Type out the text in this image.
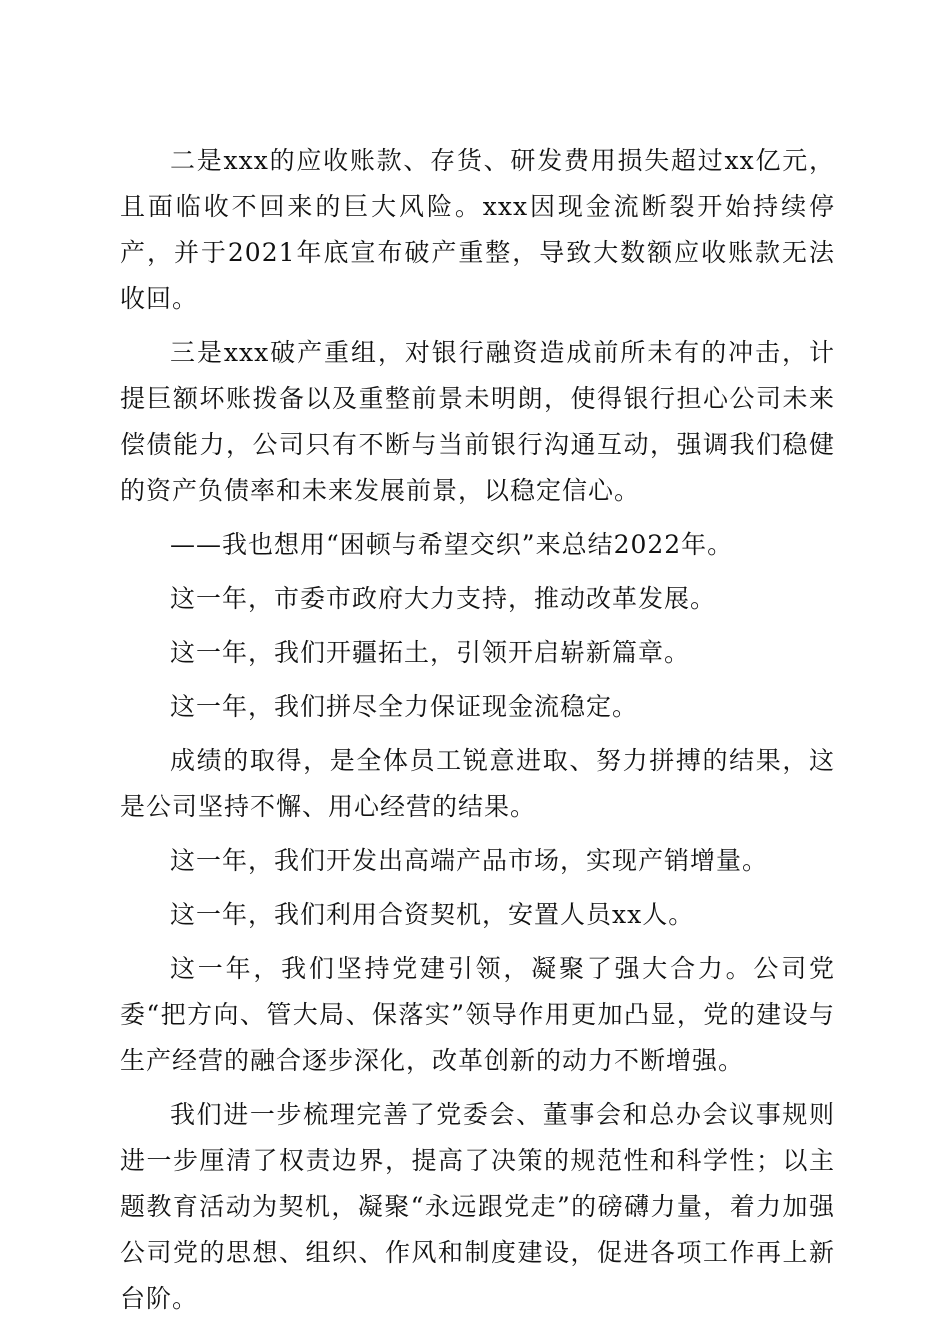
二是xxx的应收账款、存货、研发费用损失超过xx亿元，且面临收不回来的巨大风险。xxx因现金流断裂开始持续停产，并于2021年底宣布破产重整，导致大数额应收账款无法收回。

三是xxx破产重组，对银行融资造成前所未有的冲击，计提巨额坏账拨备以及重整前景未明朗，使得银行担心公司未来偿债能力，公司只有不断与当前银行沟通互动，强调我们稳健的资产负债率和未来发展前景，以稳定信心。

——我也想用“困顿与希望交织”来总结2022年。

这一年，市委市政府大力支持，推动改革发展。

这一年，我们开疆拓土，引领开启崭新篇章。

这一年，我们拼尽全力保证现金流稳定。

成绩的取得，是全体员工锐意进取、努力拼搏的结果，这是公司坚持不懈、用心经营的结果。

这一年，我们开发出高端产品市场，实现产销增量。

这一年，我们利用合资契机，安置人员xx人。

这一年，我们坚持党建引领，凝聚了强大合力。公司党委“把方向、管大局、保落实”领导作用更加凸显，党的建设与生产经营的融合逐步深化，改革创新的动力不断增强。

我们进一步梳理完善了党委会、董事会和总办会议事规则进一步厘清了权责边界，提高了决策的规范性和科学性；以主题教育活动为契机，凝聚“永远跟党走”的磅礴力量，着力加强公司党的思想、组织、作风和制度建设，促进各项工作再上新台阶。
